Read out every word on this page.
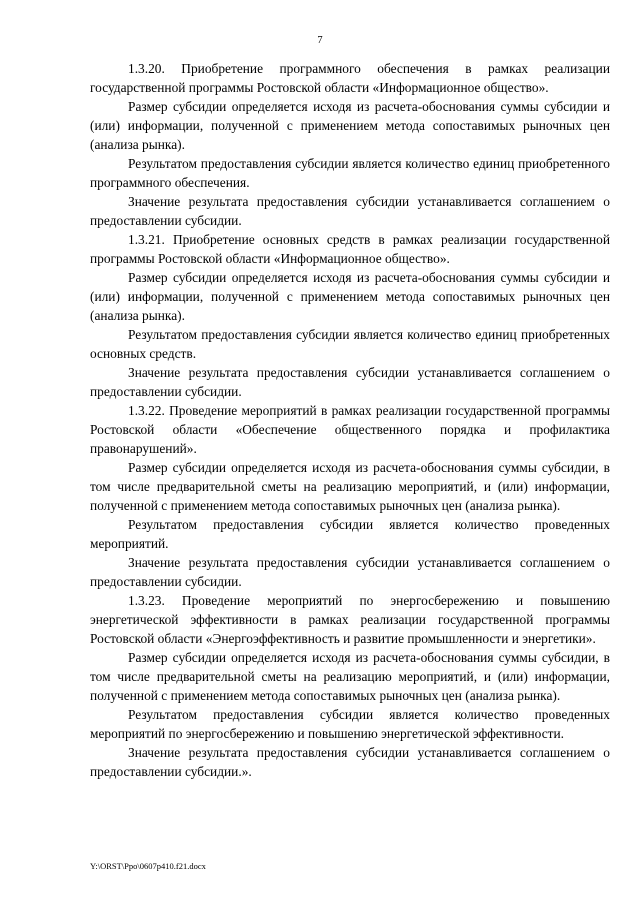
7

1.3.20. Приобретение программного обеспечения в рамках реализации государственной программы Ростовской области «Информационное общество».

Размер субсидии определяется исходя из расчета-обоснования суммы субсидии и (или) информации, полученной с применением метода сопоставимых рыночных цен (анализа рынка).

Результатом предоставления субсидии является количество единиц приобретенного программного обеспечения.

Значение результата предоставления субсидии устанавливается соглашением о предоставлении субсидии.

1.3.21. Приобретение основных средств в рамках реализации государственной программы Ростовской области «Информационное общество».

Размер субсидии определяется исходя из расчета-обоснования суммы субсидии и (или) информации, полученной с применением метода сопоставимых рыночных цен (анализа рынка).

Результатом предоставления субсидии является количество единиц приобретенных основных средств.

Значение результата предоставления субсидии устанавливается соглашением о предоставлении субсидии.

1.3.22. Проведение мероприятий в рамках реализации государственной программы Ростовской области «Обеспечение общественного порядка и профилактика правонарушений».

Размер субсидии определяется исходя из расчета-обоснования суммы субсидии, в том числе предварительной сметы на реализацию мероприятий, и (или) информации, полученной с применением метода сопоставимых рыночных цен (анализа рынка).

Результатом предоставления субсидии является количество проведенных мероприятий.

Значение результата предоставления субсидии устанавливается соглашением о предоставлении субсидии.

1.3.23. Проведение мероприятий по энергосбережению и повышению энергетической эффективности в рамках реализации государственной программы Ростовской области «Энергоэффективность и развитие промышленности и энергетики».

Размер субсидии определяется исходя из расчета-обоснования суммы субсидии, в том числе предварительной сметы на реализацию мероприятий, и (или) информации, полученной с применением метода сопоставимых рыночных цен (анализа рынка).

Результатом предоставления субсидии является количество проведенных мероприятий по энергосбережению и повышению энергетической эффективности.

Значение результата предоставления субсидии устанавливается соглашением о предоставлении субсидии.».

Y:\ORST\Ppo\0607p410.f21.docx
